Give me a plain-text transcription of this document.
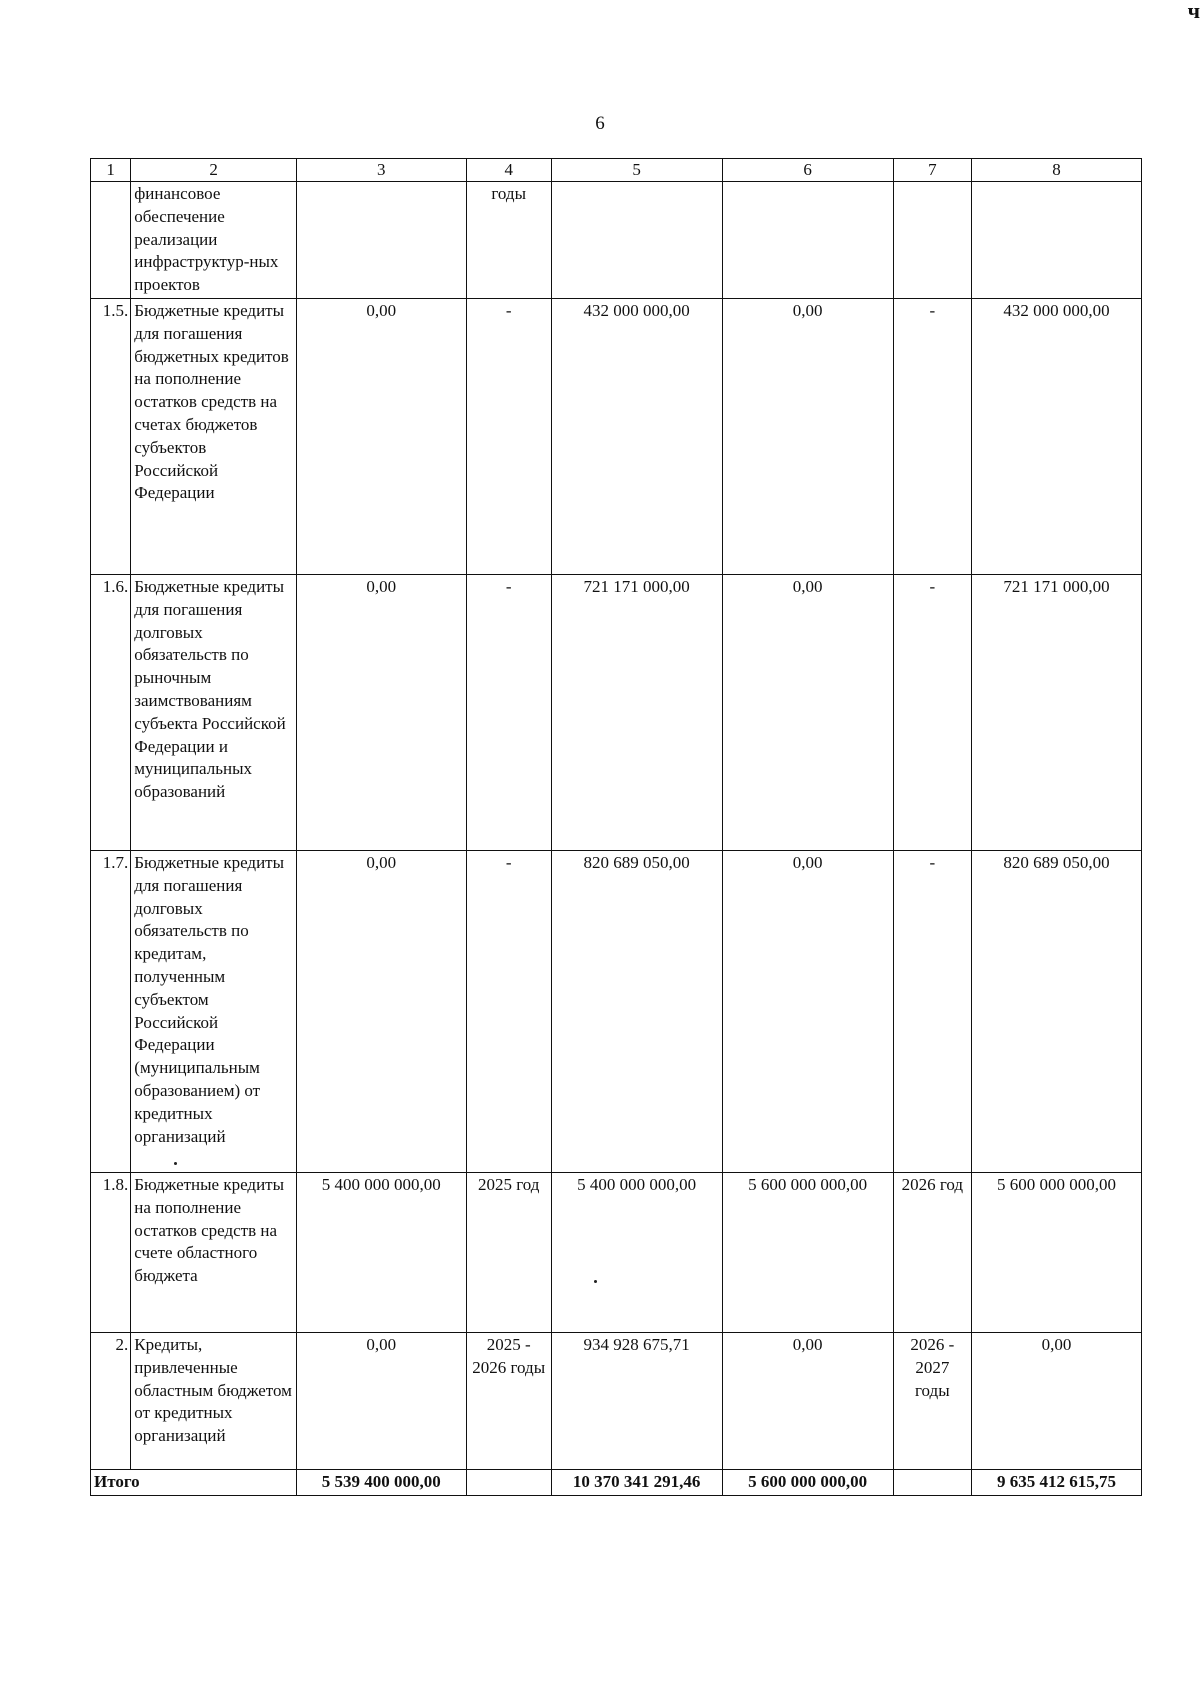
ч
6
1	2	3	4	5	6	7	8
	финансовое обеспечение реализации инфраструктур-ных проектов		годы				
1.5.	Бюджетные кредиты для погашения бюджетных кредитов на пополнение остатков средств на счетах бюджетов субъектов Российской Федерации	0,00	-	432 000 000,00	0,00	-	432 000 000,00
1.6.	Бюджетные кредиты для погашения долговых обязательств по рыночным заимствованиям субъекта Российской Федерации и муниципальных образований	0,00	-	721 171 000,00	0,00	-	721 171 000,00
1.7.	Бюджетные кредиты для погашения долговых обязательств по кредитам, полученным субъектом Российской Федерации (муниципальным образованием) от кредитных организаций	0,00	-	820 689 050,00	0,00	-	820 689 050,00
1.8.	Бюджетные кредиты на пополнение остатков средств на счете областного бюджета	5 400 000 000,00	2025 год	5 400 000 000,00	5 600 000 000,00	2026 год	5 600 000 000,00
2.	Кредиты, привлеченные областным бюджетом от кредитных организаций	0,00	2025 - 2026 годы	934 928 675,71	0,00	2026 - 2027 годы	0,00
Итого		5 539 400 000,00		10 370 341 291,46	5 600 000 000,00		9 635 412 615,75
